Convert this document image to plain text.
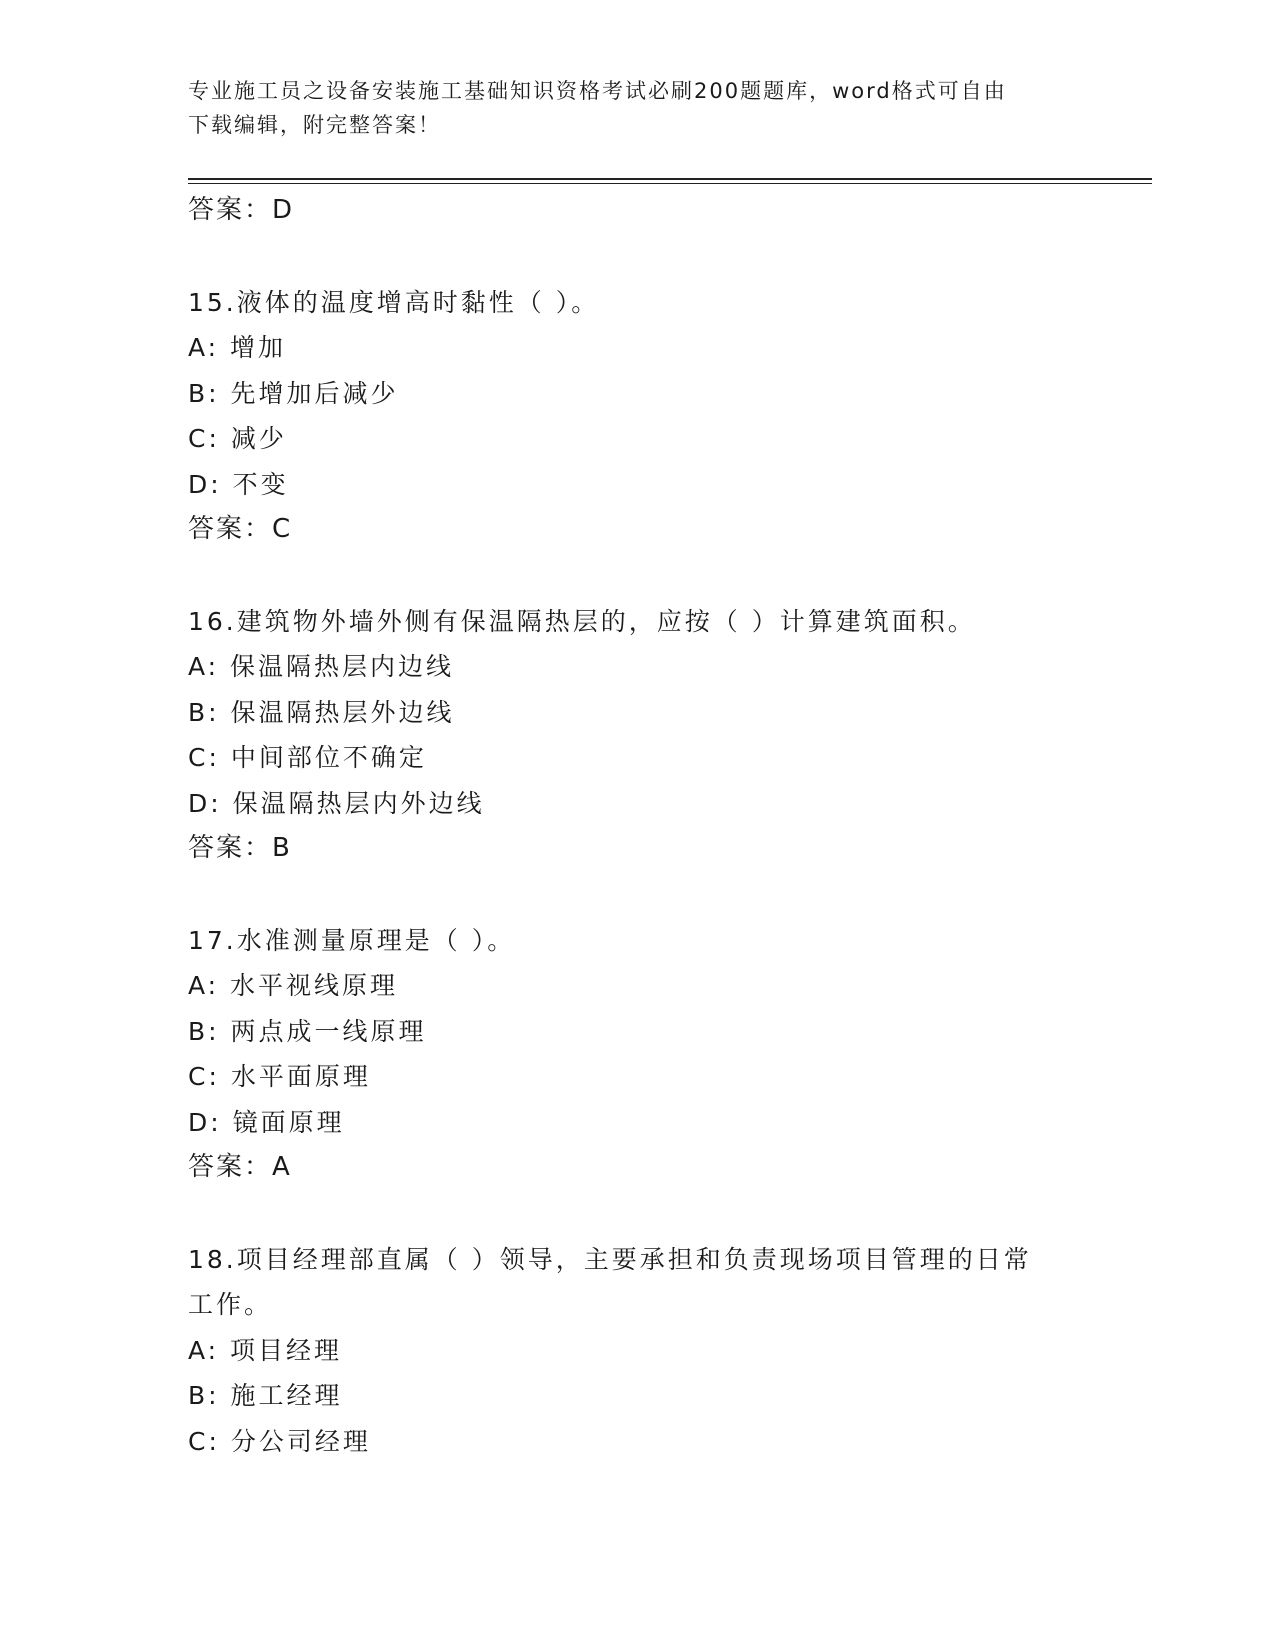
专业施工员之设备安装施工基础知识资格考试必刷200题题库，word格式可自由
下载编辑，附完整答案！
答案：D
15.液体的温度增高时黏性（ ）。
A: 增加
B: 先增加后减少
C: 减少
D: 不变
答案：C
16.建筑物外墙外侧有保温隔热层的，应按（ ）计算建筑面积。
A: 保温隔热层内边线
B: 保温隔热层外边线
C: 中间部位不确定
D: 保温隔热层内外边线
答案：B
17.水准测量原理是（ ）。
A: 水平视线原理
B: 两点成一线原理
C: 水平面原理
D: 镜面原理
答案：A
18.项目经理部直属（ ）领导，主要承担和负责现场项目管理的日常
工作。
A: 项目经理
B: 施工经理
C: 分公司经理
